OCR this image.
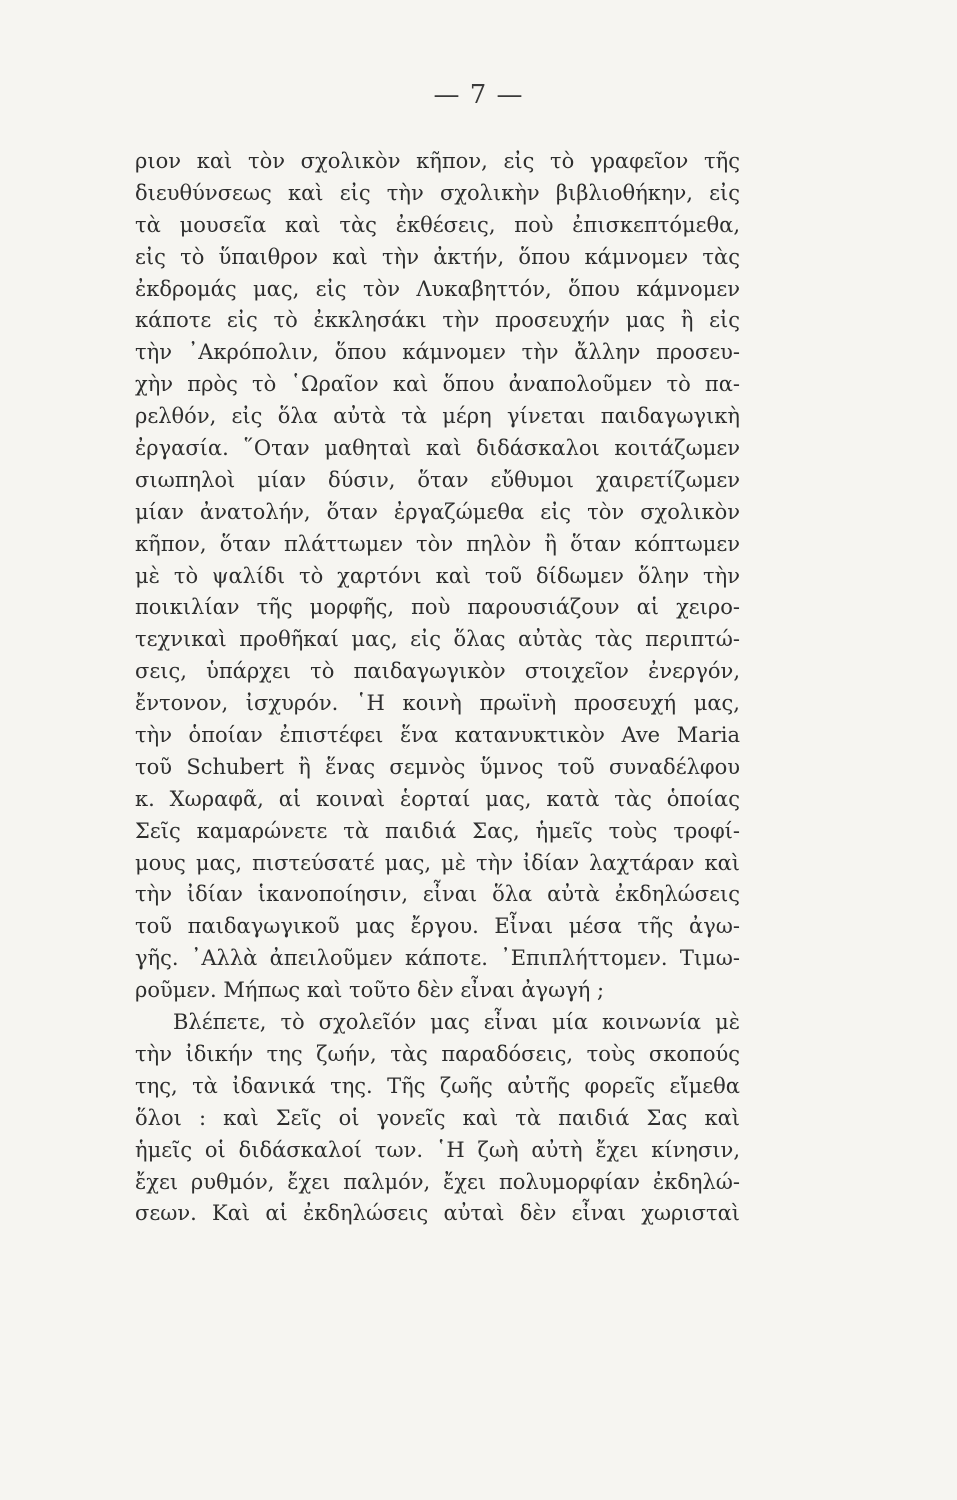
— 7 —
ριον καὶ τὸν σχολικὸν κῆπον, εἰς τὸ γραφεῖον τῆς
διευθύνσεως καὶ εἰς τὴν σχολικὴν βιβλιοθήκην, εἰς
τὰ μουσεῖα καὶ τὰς ἐκθέσεις, ποὺ ἐπισκεπτόμεθα,
εἰς τὸ ὕπαιθρον καὶ τὴν ἀκτήν, ὅπου κάμνομεν τὰς
ἐκδρομάς μας, εἰς τὸν Λυκαβηττόν, ὅπου κάμνομεν
κάποτε εἰς τὸ ἐκκλησάκι τὴν προσευχήν μας ἢ εἰς
τὴν ᾿Ακρόπολιν, ὅπου κάμνομεν τὴν ἄλλην προσευ-
χὴν πρὸς τὸ ῾Ωραῖον καὶ ὅπου ἀναπολοῦμεν τὸ πα-
ρελθόν, εἰς ὅλα αὐτὰ τὰ μέρη γίνεται παιδαγωγικὴ
ἐργασία. ῞Οταν μαθηταὶ καὶ διδάσκαλοι κοιτάζωμεν
σιωπηλοὶ μίαν δύσιν, ὅταν εὔθυμοι χαιρετίζωμεν
μίαν ἀνατολήν, ὅταν ἐργαζώμεθα εἰς τὸν σχολικὸν
κῆπον, ὅταν πλάττωμεν τὸν πηλὸν ἢ ὅταν κόπτωμεν
μὲ τὸ ψαλίδι τὸ χαρτόνι καὶ τοῦ δίδωμεν ὅλην τὴν
ποικιλίαν τῆς μορφῆς, ποὺ παρουσιάζουν αἱ χειρο-
τεχνικαὶ προθῆκαί μας, εἰς ὅλας αὐτὰς τὰς περιπτώ-
σεις, ὑπάρχει τὸ παιδαγωγικὸν στοιχεῖον ἐνεργόν,
ἔντονον, ἰσχυρόν. ῾Η κοινὴ πρωϊνὴ προσευχή μας,
τὴν ὁποίαν ἐπιστέφει ἕνα κατανυκτικὸν Ave Maria
τοῦ Schubert ἢ ἕνας σεμνὸς ὕμνος τοῦ συναδέλφου
κ. Χωραφᾶ, αἱ κοιναὶ ἑορταί μας, κατὰ τὰς ὁποίας
Σεῖς καμαρώνετε τὰ παιδιά Σας, ἡμεῖς τοὺς τροφί-
μους μας, πιστεύσατέ μας, μὲ τὴν ἰδίαν λαχτάραν καὶ
τὴν ἰδίαν ἱκανοποίησιν, εἶναι ὅλα αὐτὰ ἐκδηλώσεις
τοῦ παιδαγωγικοῦ μας ἔργου. Εἶναι μέσα τῆς ἀγω-
γῆς. ᾿Αλλὰ ἀπειλοῦμεν κάποτε. ᾿Επιπλήττομεν. Τιμω-
ροῦμεν. Μήπως καὶ τοῦτο δὲν εἶναι ἀγωγή ;
Βλέπετε, τὸ σχολεῖόν μας εἶναι μία κοινωνία μὲ
τὴν ἰδικήν της ζωήν, τὰς παραδόσεις, τοὺς σκοπούς
της, τὰ ἰδανικά της. Τῆς ζωῆς αὐτῆς φορεῖς εἴμεθα
ὅλοι : καὶ Σεῖς οἱ γονεῖς καὶ τὰ παιδιά Σας καὶ
ἡμεῖς οἱ διδάσκαλοί των. ῾Η ζωὴ αὐτὴ ἔχει κίνησιν,
ἔχει ρυθμόν, ἔχει παλμόν, ἔχει πολυμορφίαν ἐκδηλώ-
σεων. Καὶ αἱ ἐκδηλώσεις αὐταὶ δὲν εἶναι χωρισταὶ
